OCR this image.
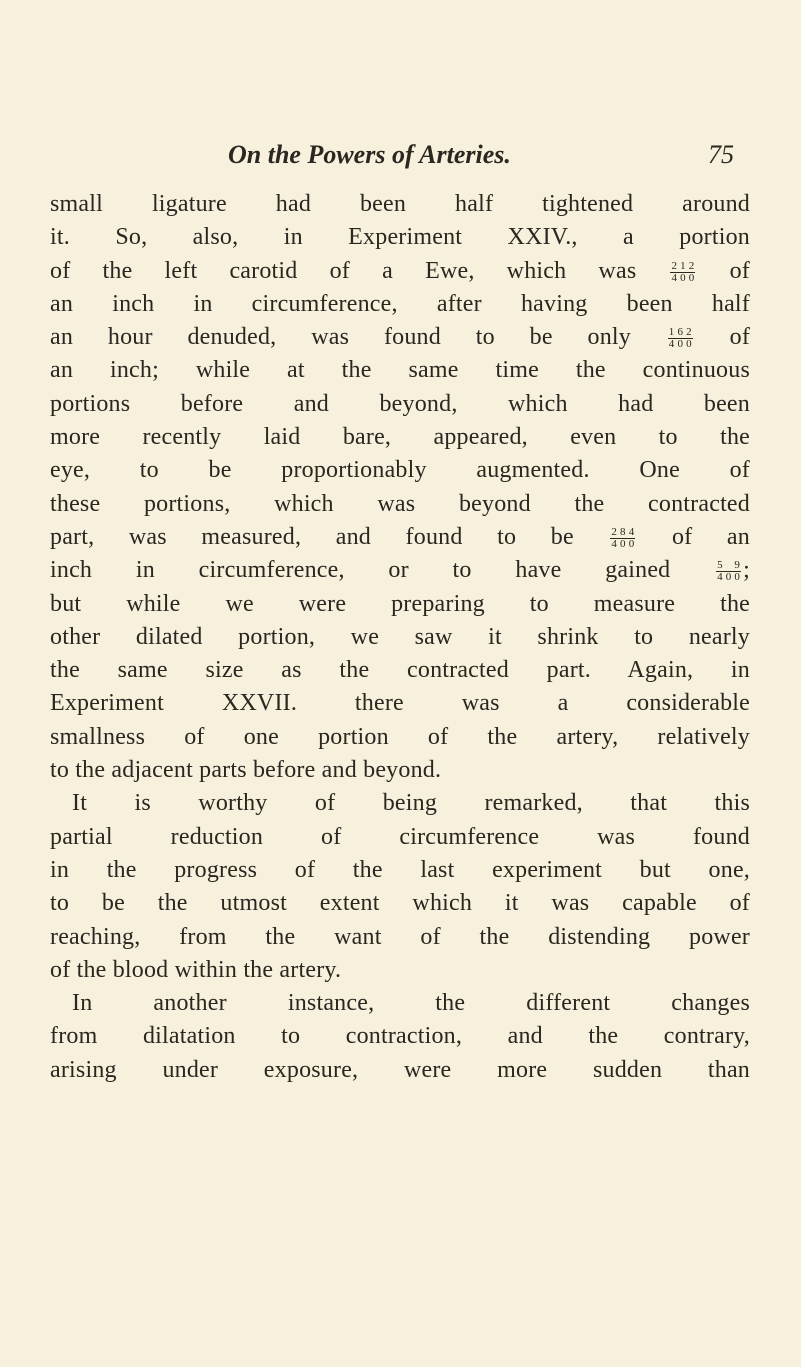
On the Powers of Arteries.	75
small ligature had been half tightened around
it. So, also, in Experiment XXIV., a portion
of the left carotid of a Ewe, which was $\frac{2 1 2}{4 0 0}$ of
an inch in circumference, after having been half
an hour denuded, was found to be only $\frac{1 6 2}{4 0 0}$ of
an inch; while at the same time the continuous
portions before and beyond, which had been
more recently laid bare, appeared, even to the
eye, to be proportionably augmented. One of
these portions, which was beyond the contracted
part, was measured, and found to be $\frac{2 8 4}{4 0 0}$ of an
inch in circumference, or to have gained $\frac{5 9}{4 0 0}$ ;
but while we were preparing to measure the
other dilated portion, we saw it shrink to nearly
the same size as the contracted part. Again, in
Experiment XXVII. there was a considerable
smallness of one portion of the artery, relatively
to the adjacent parts before and beyond.
It is worthy of being remarked, that this
partial reduction of circumference was found
in the progress of the last experiment but one,
to be the utmost extent which it was capable of
reaching, from the want of the distending power
of the blood within the artery.
In another instance, the different changes
from dilatation to contraction, and the contrary,
arising under exposure, were more sudden than
